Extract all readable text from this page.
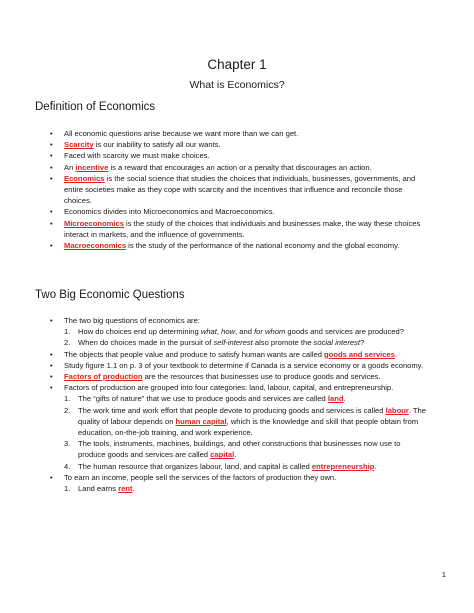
Chapter 1
What is Economics?
Definition of Economics
• All economic questions arise because we want more than we can get.
• Scarcity is our inability to satisfy all our wants.
• Faced with scarcity we must make choices.
• An incentive is a reward that encourages an action or a penalty that discourages an action.
• Economics is the social science that studies the choices that individuals, businesses, governments, and entire societies make as they cope with scarcity and the incentives that influence and reconcile those choices.
• Economics divides into Microeconomics and Macroeconomics.
• Microeconomics is the study of the choices that individuals and businesses make, the way these choices interact in markets, and the influence of governments.
• Macroeconomics is the study of the performance of the national economy and the global economy.
Two Big Economic Questions
• The two big questions of economics are:
1. How do choices end up determining what, how, and for whom goods and services are produced?
2. When do choices made in the pursuit of self-interest also promote the social interest?
• The objects that people value and produce to satisfy human wants are called goods and services.
• Study figure 1.1 on p. 3 of your textbook to determine if Canada is a service economy or a goods economy.
• Factors of production are the resources that businesses use to produce goods and services.
• Factors of production are grouped into four categories: land, labour, capital, and entrepreneurship.
1. The “gifts of nature” that we use to produce goods and services are called land.
2. The work time and work effort that people devote to producing goods and services is called labour. The quality of labour depends on human capital, which is the knowledge and skill that people obtain from education, on-the-job training, and work experience.
3. The tools, instruments, machines, buildings, and other constructions that businesses now use to produce goods and services are called capital.
4. The human resource that organizes labour, land, and capital is called entrepreneurship.
• To earn an income, people sell the services of the factors of production they own.
1. Land earns rent.
1
